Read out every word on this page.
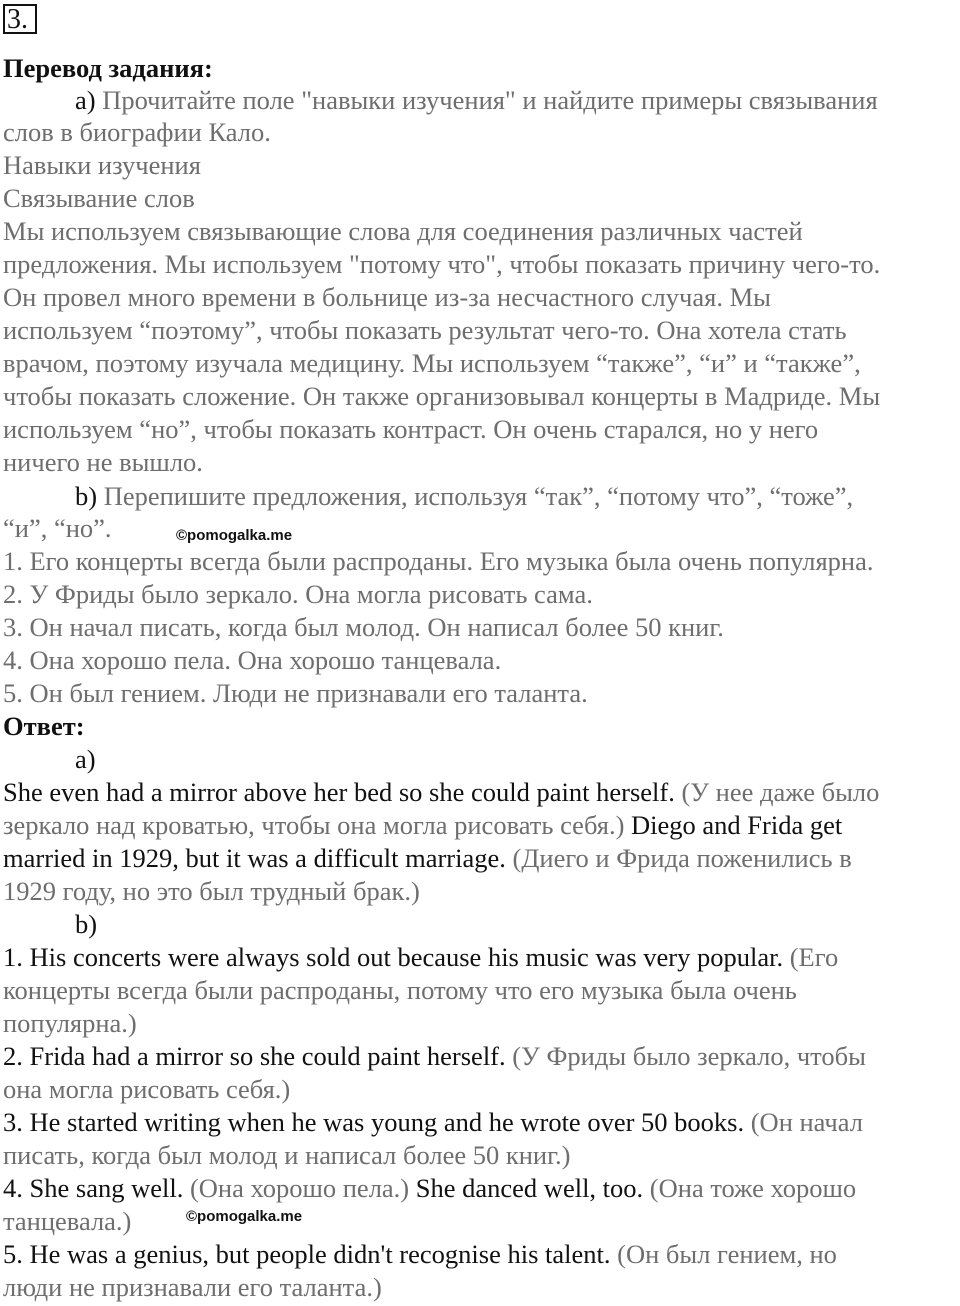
3.
Перевод задания:
а) Прочитайте поле "навыки изучения" и найдите примеры связывания
слов в биографии Кало.
Навыки изучения
Связывание слов
Мы используем связывающие слова для соединения различных частей
предложения. Мы используем "потому что", чтобы показать причину чего-то.
Он провел много времени в больнице из-за несчастного случая. Мы
используем “поэтому”, чтобы показать результат чего-то. Она хотела стать
врачом, поэтому изучала медицину. Мы используем “также”, “и” и “также”,
чтобы показать сложение. Он также организовывал концерты в Мадриде. Мы
используем “но”, чтобы показать контраст. Он очень старался, но у него
ничего не вышло.
b) Перепишите предложения, используя “так”, “потому что”, “тоже”,
“и”, “но”.	©pomogalka.me
1. Его концерты всегда были распроданы. Его музыка была очень популярна.
2. У Фриды было зеркало. Она могла рисовать сама.
3. Он начал писать, когда был молод. Он написал более 50 книг.
4. Она хорошо пела. Она хорошо танцевала.
5. Он был гением. Люди не признавали его таланта.
Ответ:
а)
She even had a mirror above her bed so she could paint herself. (У нее даже было
зеркало над кроватью, чтобы она могла рисовать себя.) Diego and Frida get
married in 1929, but it was a difficult marriage. (Диего и Фрида поженились в
1929 году, но это был трудный брак.)
b)
1. His concerts were always sold out because his music was very popular. (Его
концерты всегда были распроданы, потому что его музыка была очень
популярна.)
2. Frida had a mirror so she could paint herself. (У Фриды было зеркало, чтобы
она могла рисовать себя.)
3. He started writing when he was young and he wrote over 50 books. (Он начал
писать, когда был молод и написал более 50 книг.)
4. She sang well. (Она хорошо пела.) She danced well, too. (Она тоже хорошо
танцевала.)	©pomogalka.me
5. He was a genius, but people didn't recognise his talent. (Он был гением, но
люди не признавали его таланта.)
